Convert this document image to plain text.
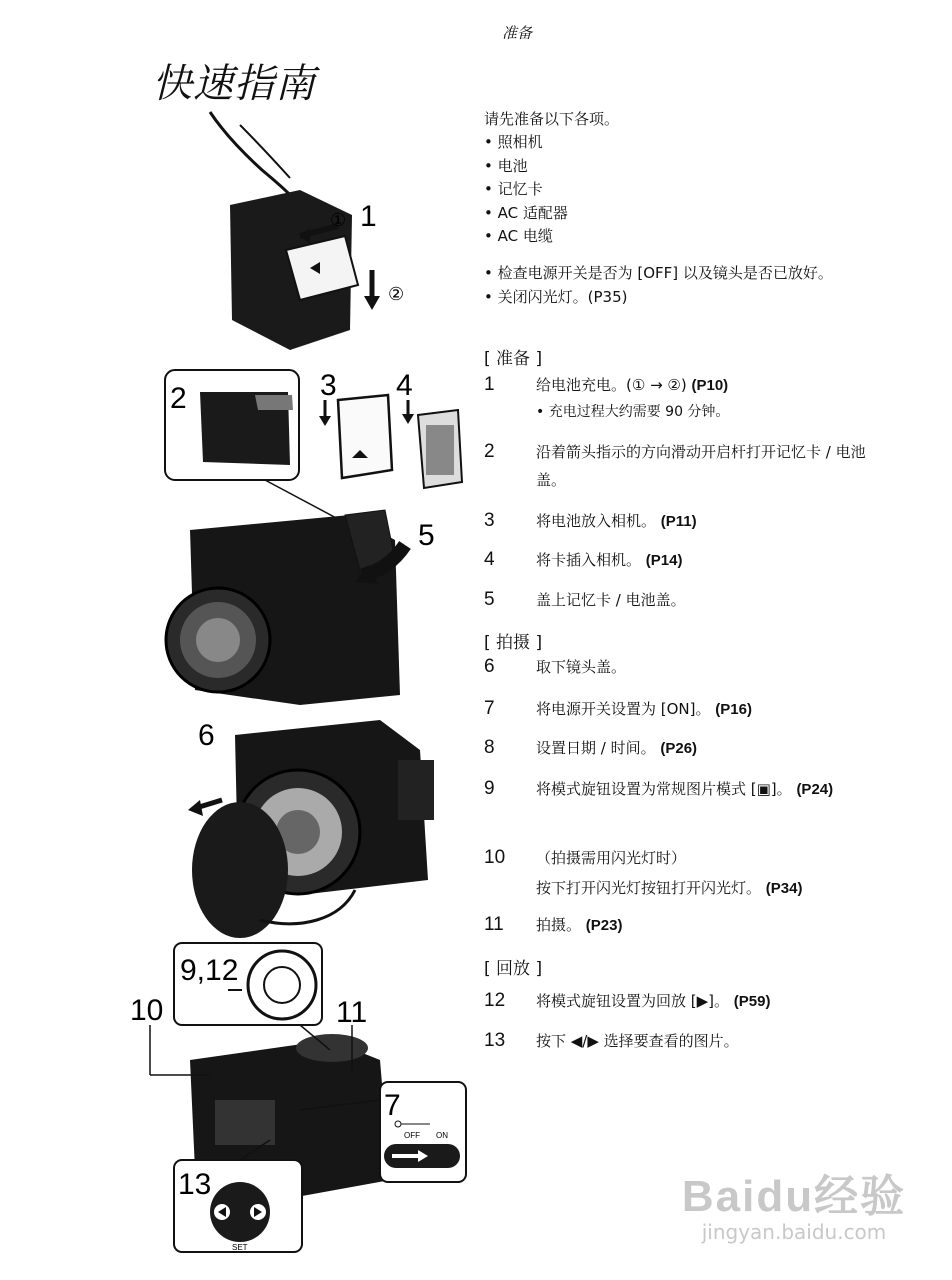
准备
快速指南
请先准备以下各项。
• 照相机
• 电池
• 记忆卡
• AC 适配器
• AC 电缆
• 检查电源开关是否为 [OFF] 以及镜头是否已放好。
• 关闭闪光灯。(P35)
[ 准备 ]
1	给电池充电。(① → ②) (P10)
• 充电过程大约需要 90 分钟。
2	沿着箭头指示的方向滑动开启杆打开记忆卡 / 电池盖。
3	将电池放入相机。 (P11)
4	将卡插入相机。 (P14)
5	盖上记忆卡 / 电池盖。
[ 拍摄 ]
6	取下镜头盖。
7	将电源开关设置为 [ON]。 (P16)
8	设置日期 / 时间。 (P26)
9	将模式旋钮设置为常规图片模式 [▣]。 (P24)
10 （拍摄需用闪光灯时）
按下打开闪光灯按钮打开闪光灯。 (P34)
11 拍摄。 (P23)
[ 回放 ]
12 将模式旋钮设置为回放 [▶]。 (P59)
13 按下 ◀/▶ 选择要查看的图片。
① 1
②
2	3 4
5
6
9,12
10	11
7
OFF ON
13
SET
Baidu经验
jingyan.baidu.com
